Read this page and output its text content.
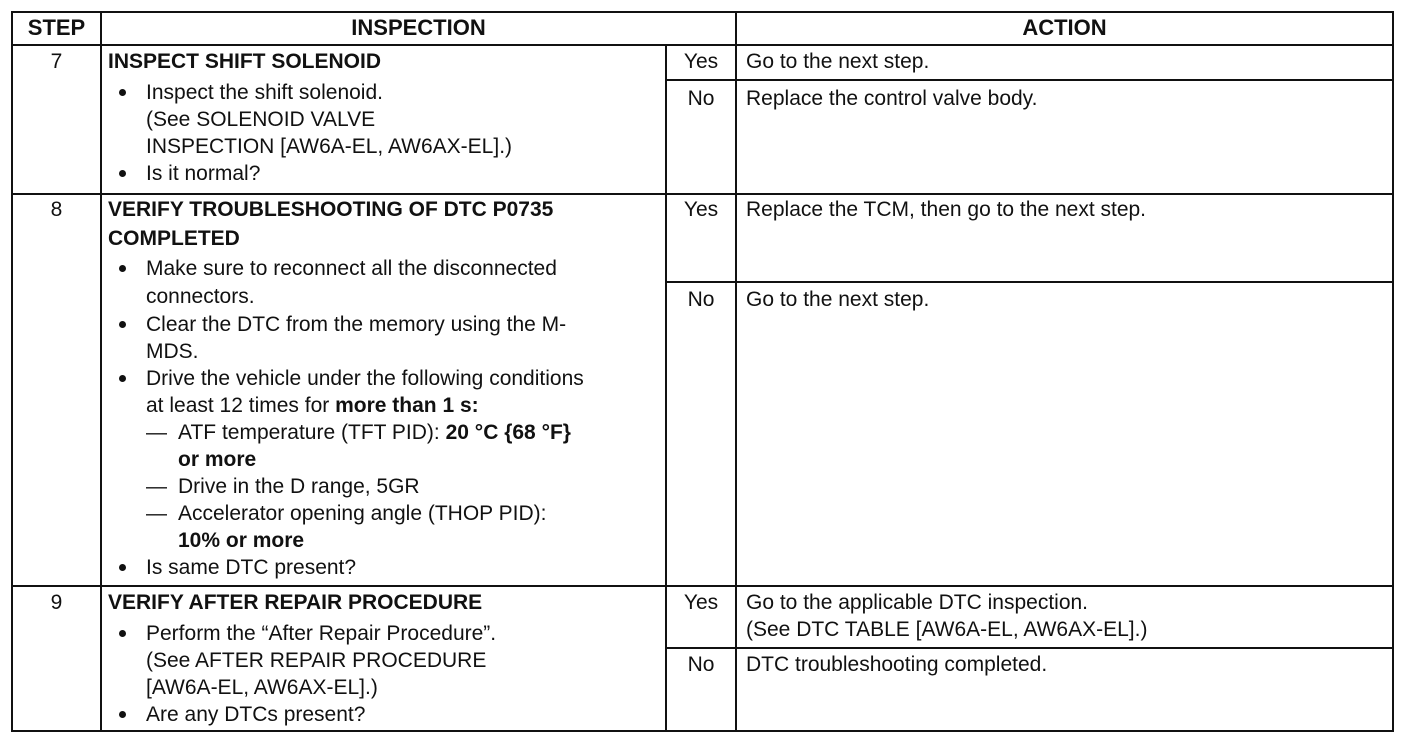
STEP	INSPECTION	ACTION
7	INSPECT SHIFT SOLENOID
Inspect the shift solenoid.
(See SOLENOID VALVE
INSPECTION [AW6A-EL, AW6AX-EL].)
Is it normal?
Yes	Go to the next step.
No	Replace the control valve body.
8	VERIFY TROUBLESHOOTING OF DTC P0735
COMPLETED
Make sure to reconnect all the disconnected
connectors.
Clear the DTC from the memory using the M-
MDS.
Drive the vehicle under the following conditions
at least 12 times for more than 1 s:
— ATF temperature (TFT PID): 20 °C {68 °F}
or more
— Drive in the D range, 5GR
— Accelerator opening angle (THOP PID):
10% or more
Is same DTC present?
Yes	Replace the TCM, then go to the next step.
No	Go to the next step.
9	VERIFY AFTER REPAIR PROCEDURE
Perform the “After Repair Procedure”.
(See AFTER REPAIR PROCEDURE
[AW6A-EL, AW6AX-EL].)
Are any DTCs present?
Yes	Go to the applicable DTC inspection.
(See DTC TABLE [AW6A-EL, AW6AX-EL].)
No	DTC troubleshooting completed.
